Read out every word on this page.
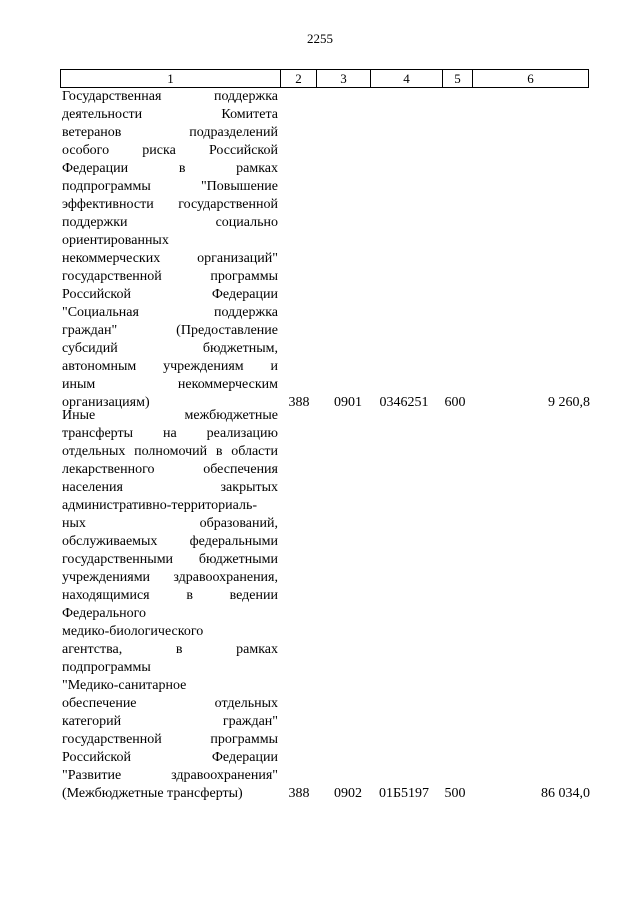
2255
1	2	3	4	5	6
Государственная поддержка
деятельности Комитета
ветеранов подразделений
особого риска Российской
Федерации в рамках
подпрограммы "Повышение
эффективности государственной
поддержки социально
ориентированных
некоммерческих организаций"
государственной программы
Российской Федерации
"Социальная поддержка
граждан" (Предоставление
субсидий бюджетным,
автономным учреждениям и
иным некоммерческим
организациям)	388	0901	0346251	600	9 260,8
Иные межбюджетные
трансферты на реализацию
отдельных полномочий в области
лекарственного обеспечения
населения закрытых
административно-территориаль-
ных образований,
обслуживаемых федеральными
государственными бюджетными
учреждениями здравоохранения,
находящимися в ведении
Федерального
медико-биологического
агентства, в рамках
подпрограммы
"Медико-санитарное
обеспечение отдельных
категорий граждан"
государственной программы
Российской Федерации
"Развитие здравоохранения"
(Межбюджетные трансферты)	388	0902	01Б5197	500	86 034,0
